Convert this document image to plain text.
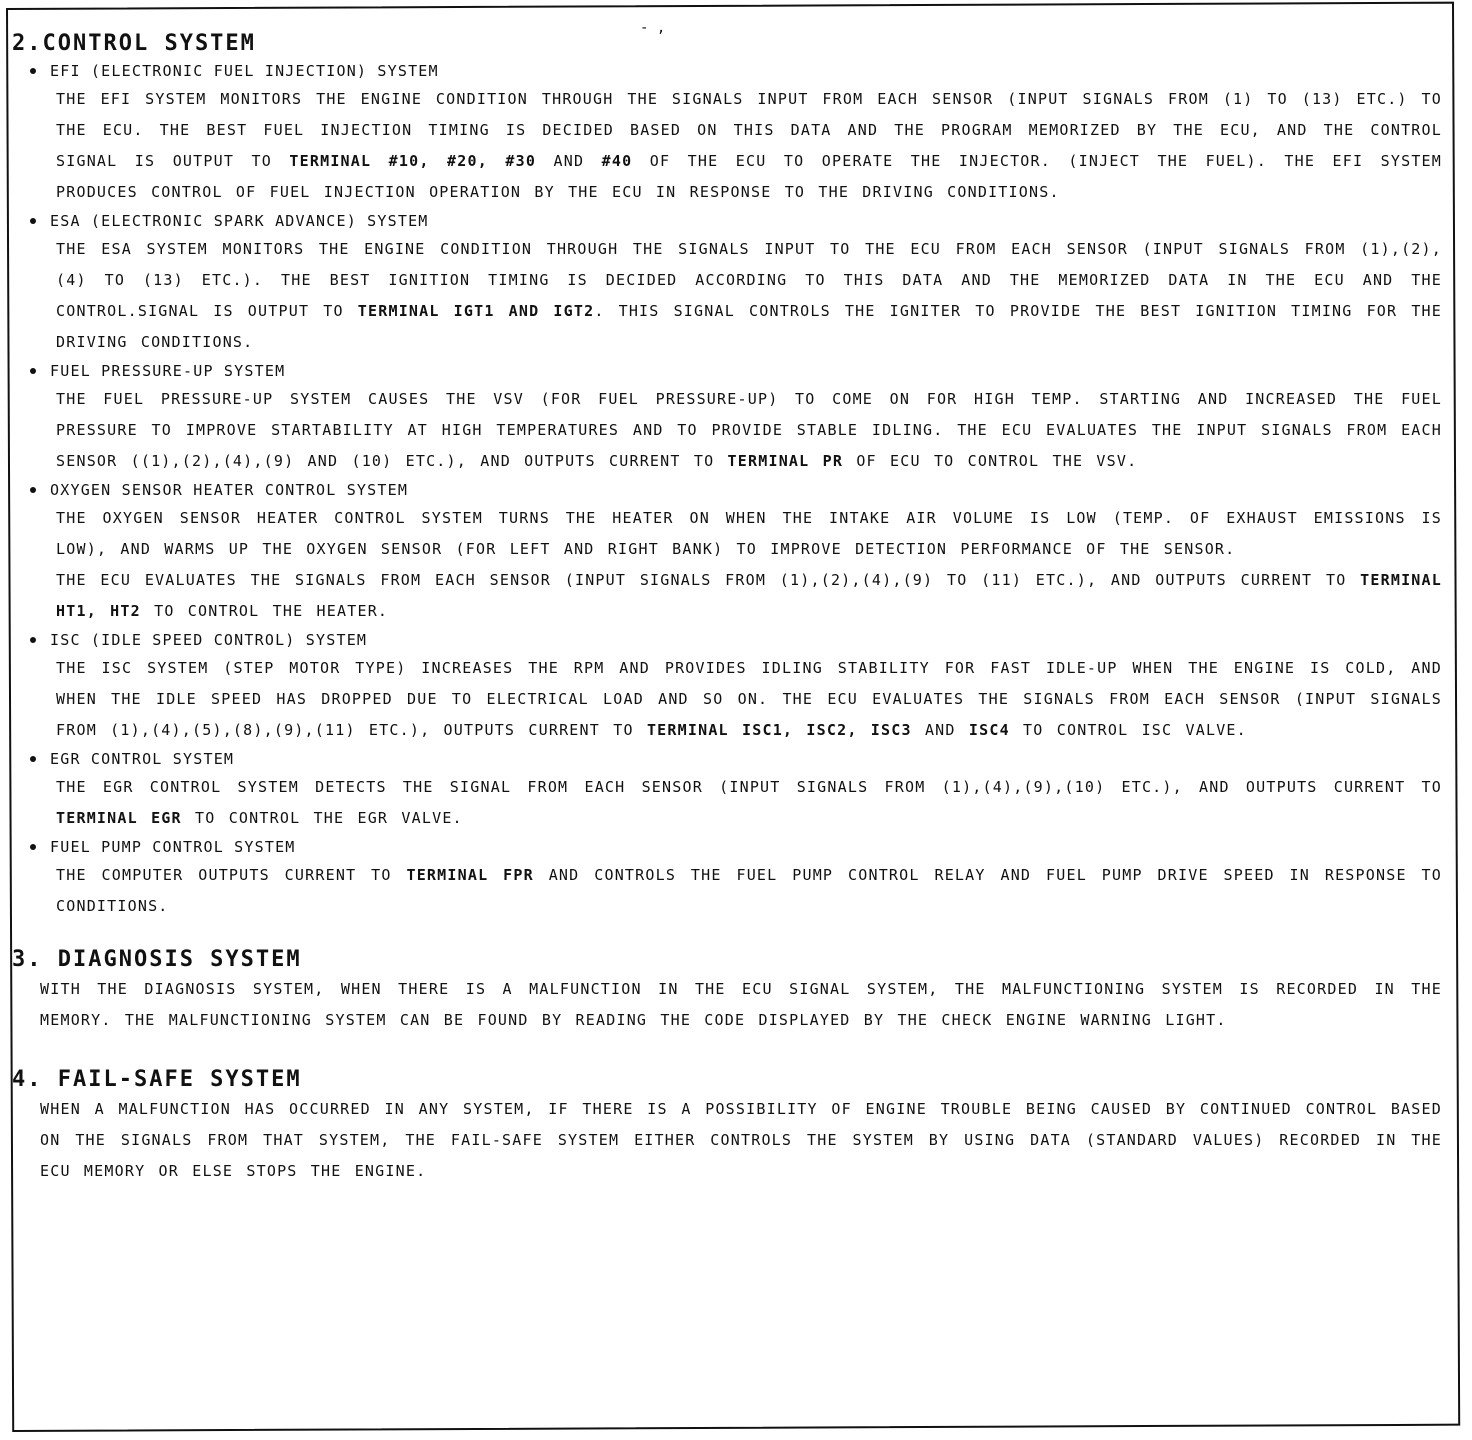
- ,
2.CONTROL SYSTEM
EFI (ELECTRONIC FUEL INJECTION) SYSTEM

THE EFI SYSTEM MONITORS THE ENGINE CONDITION THROUGH THE SIGNALS INPUT FROM EACH SENSOR (INPUT SIGNALS FROM (1) TO (13) ETC.) TO THE ECU. THE BEST FUEL INJECTION TIMING IS DECIDED BASED ON THIS DATA AND THE PROGRAM MEMORIZED BY THE ECU, AND THE CONTROL SIGNAL IS OUTPUT TO TERMINAL #10, #20, #30 AND #40 OF THE ECU TO OPERATE THE INJECTOR. (INJECT THE FUEL). THE EFI SYSTEM PRODUCES CONTROL OF FUEL INJECTION OPERATION BY THE ECU IN RESPONSE TO THE DRIVING CONDITIONS.

ESA (ELECTRONIC SPARK ADVANCE) SYSTEM

THE ESA SYSTEM MONITORS THE ENGINE CONDITION THROUGH THE SIGNALS INPUT TO THE ECU FROM EACH SENSOR (INPUT SIGNALS FROM (1),(2),(4) TO (13) ETC.). THE BEST IGNITION TIMING IS DECIDED ACCORDING TO THIS DATA AND THE MEMORIZED DATA IN THE ECU AND THE CONTROL.SIGNAL IS OUTPUT TO TERMINAL IGT1 AND IGT2. THIS SIGNAL CONTROLS THE IGNITER TO PROVIDE THE BEST IGNITION TIMING FOR THE DRIVING CONDITIONS.

FUEL PRESSURE-UP SYSTEM

THE FUEL PRESSURE-UP SYSTEM CAUSES THE VSV (FOR FUEL PRESSURE-UP) TO COME ON FOR HIGH TEMP. STARTING AND INCREASED THE FUEL PRESSURE TO IMPROVE STARTABILITY AT HIGH TEMPERATURES AND TO PROVIDE STABLE IDLING. THE ECU EVALUATES THE INPUT SIGNALS FROM EACH SENSOR ((1),(2),(4),(9) AND (10) ETC.), AND OUTPUTS CURRENT TO TERMINAL PR OF ECU TO CONTROL THE VSV.

OXYGEN SENSOR HEATER CONTROL SYSTEM

THE OXYGEN SENSOR HEATER CONTROL SYSTEM TURNS THE HEATER ON WHEN THE INTAKE AIR VOLUME IS LOW (TEMP. OF EXHAUST EMISSIONS IS LOW), AND WARMS UP THE OXYGEN SENSOR (FOR LEFT AND RIGHT BANK) TO IMPROVE DETECTION PERFORMANCE OF THE SENSOR.

THE ECU EVALUATES THE SIGNALS FROM EACH SENSOR (INPUT SIGNALS FROM (1),(2),(4),(9) TO (11) ETC.), AND OUTPUTS CURRENT TO TERMINAL HT1, HT2 TO CONTROL THE HEATER.

ISC (IDLE SPEED CONTROL) SYSTEM

THE ISC SYSTEM (STEP MOTOR TYPE) INCREASES THE RPM AND PROVIDES IDLING STABILITY FOR FAST IDLE-UP WHEN THE ENGINE IS COLD, AND WHEN THE IDLE SPEED HAS DROPPED DUE TO ELECTRICAL LOAD AND SO ON. THE ECU EVALUATES THE SIGNALS FROM EACH SENSOR (INPUT SIGNALS FROM (1),(4),(5),(8),(9),(11) ETC.), OUTPUTS CURRENT TO TERMINAL ISC1, ISC2, ISC3 AND ISC4 TO CONTROL ISC VALVE.

EGR CONTROL SYSTEM

THE EGR CONTROL SYSTEM DETECTS THE SIGNAL FROM EACH SENSOR (INPUT SIGNALS FROM (1),(4),(9),(10) ETC.), AND OUTPUTS CURRENT TO TERMINAL EGR TO CONTROL THE EGR VALVE.

FUEL PUMP CONTROL SYSTEM

THE COMPUTER OUTPUTS CURRENT TO TERMINAL FPR AND CONTROLS THE FUEL PUMP CONTROL RELAY AND FUEL PUMP DRIVE SPEED IN RESPONSE TO CONDITIONS.

3. DIAGNOSIS SYSTEM

WITH THE DIAGNOSIS SYSTEM, WHEN THERE IS A MALFUNCTION IN THE ECU SIGNAL SYSTEM, THE MALFUNCTIONING SYSTEM IS RECORDED IN THE MEMORY. THE MALFUNCTIONING SYSTEM CAN BE FOUND BY READING THE CODE DISPLAYED BY THE CHECK ENGINE WARNING LIGHT.

4. FAIL-SAFE SYSTEM

WHEN A MALFUNCTION HAS OCCURRED IN ANY SYSTEM, IF THERE IS A POSSIBILITY OF ENGINE TROUBLE BEING CAUSED BY CONTINUED CONTROL BASED ON THE SIGNALS FROM THAT SYSTEM, THE FAIL-SAFE SYSTEM EITHER CONTROLS THE SYSTEM BY USING DATA (STANDARD VALUES) RECORDED IN THE ECU MEMORY OR ELSE STOPS THE ENGINE.
